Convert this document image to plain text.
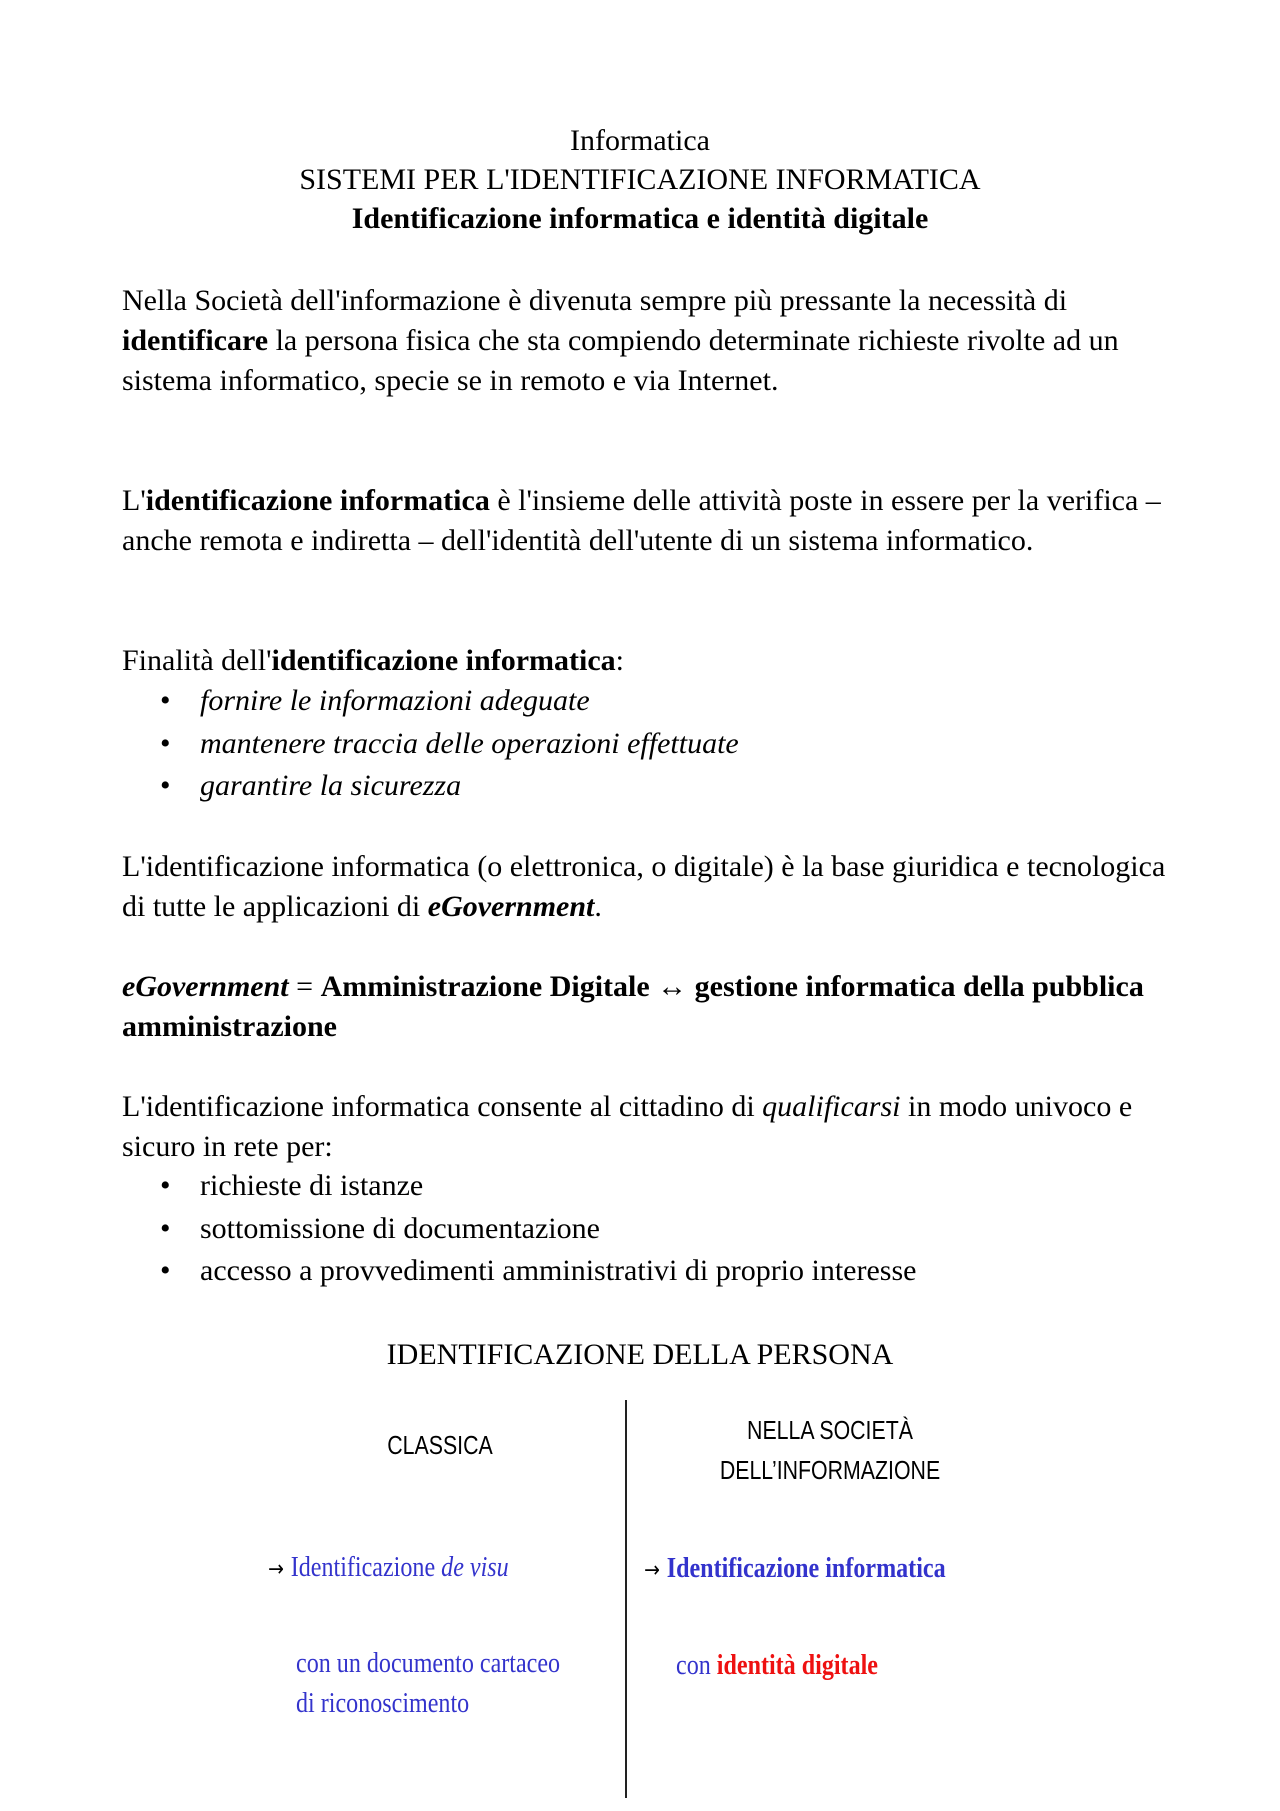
Informatica
SISTEMI PER L'IDENTIFICAZIONE INFORMATICA
Identificazione informatica e identità digitale

Nella Società dell'informazione è divenuta sempre più pressante la necessità di identificare la persona fisica che sta compiendo determinate richieste rivolte ad un sistema informatico, specie se in remoto e via Internet.

L'identificazione informatica è l'insieme delle attività poste in essere per la verifica – anche remota e indiretta – dell'identità dell'utente di un sistema informatico.

Finalità dell'identificazione informatica:

• fornire le informazioni adeguate
• mantenere traccia delle operazioni effettuate
• garantire la sicurezza

L'identificazione informatica (o elettronica, o digitale) è la base giuridica e tecnologica di tutte le applicazioni di eGovernment.

eGovernment = Amministrazione Digitale ↔ gestione informatica della pubblica amministrazione

L'identificazione informatica consente al cittadino di qualificarsi in modo univoco e sicuro in rete per:

• richieste di istanze
• sottomissione di documentazione
• accesso a provvedimenti amministrativi di proprio interesse
IDENTIFICAZIONE DELLA PERSONA
CLASSICA	NELLA SOCIETÀ
DELL’INFORMAZIONE
→ Identificazione de visu	→ Identificazione informatica
con un documento cartaceo
di riconoscimento
con identità digitale
